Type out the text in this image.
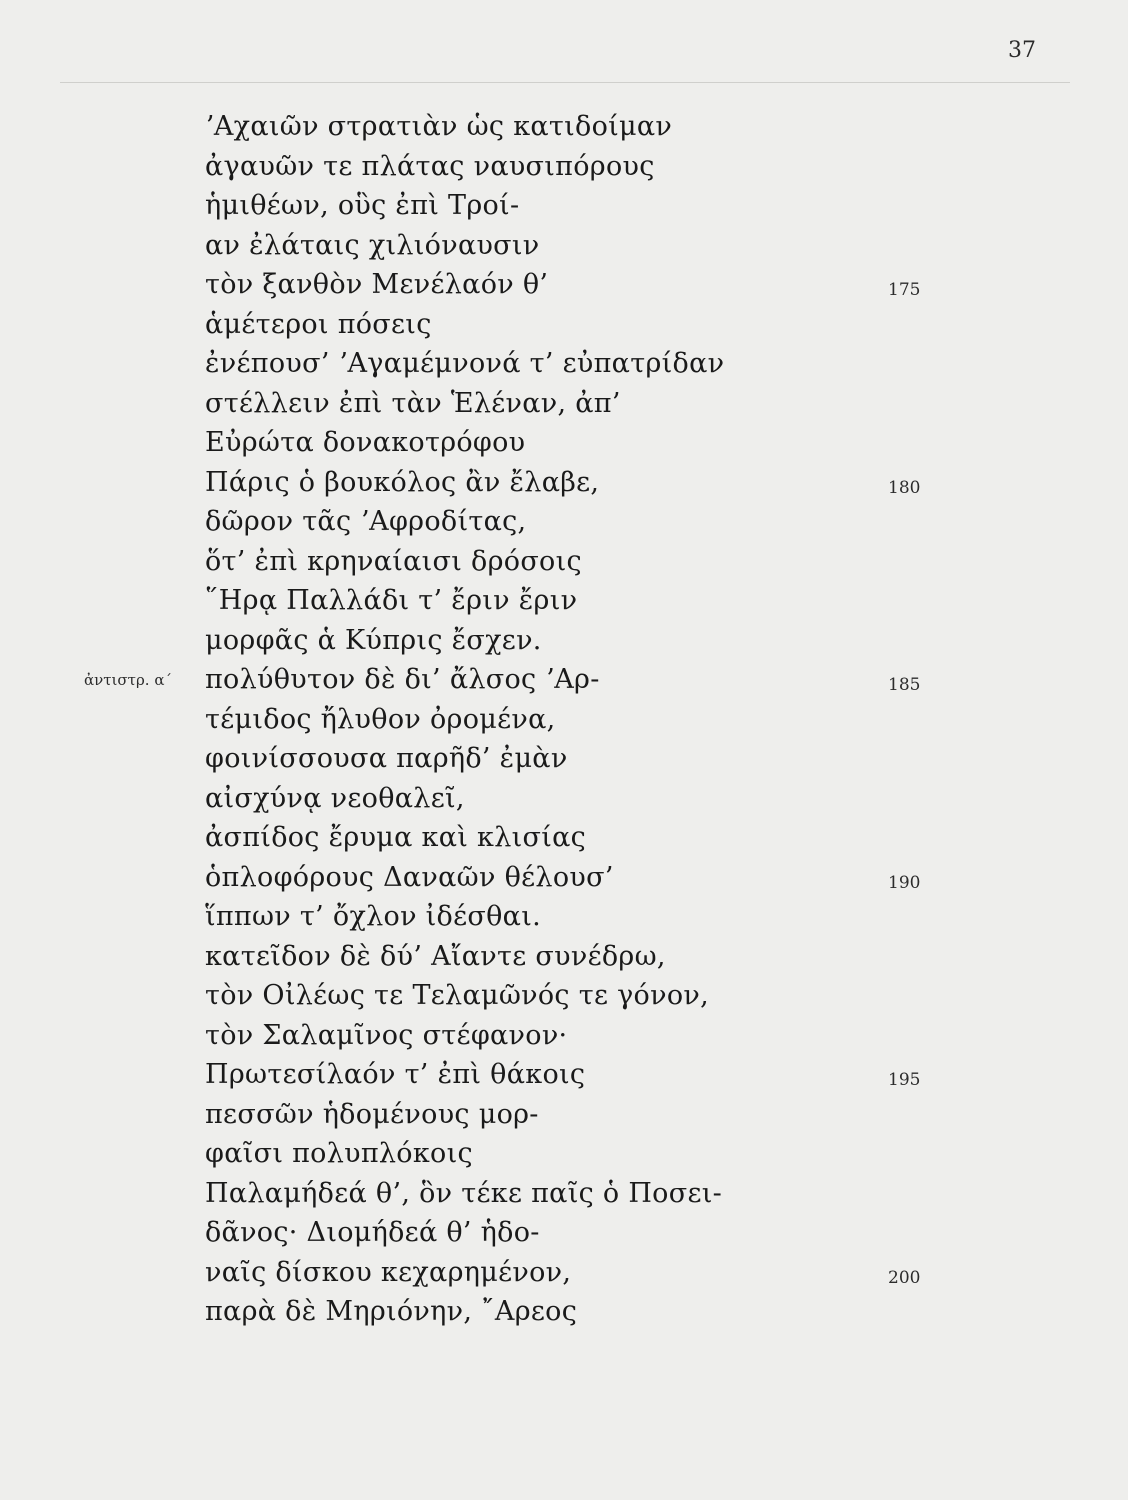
37
ʼΑχαιῶν στρατιὰν ὡς κατιδοίμαν
ἀγαυῶν τε πλάτας ναυσιπόρους
ἡμιθέων, οὓς ἐπὶ Τροί-
αν ἐλάταις χιλιόναυσιν
τὸν ξανθὸν Μενέλαόν θ’	175
ἁμέτεροι πόσεις
ἐνέπουσ’ ʼΑγαμέμνονά τ’ εὐπατρίδαν
στέλλειν ἐπὶ τὰν Ἑλέναν, ἀπ’
Εὐρώτα δονακοτρόφου
Πάρις ὁ βουκόλος ἂν ἔλαβε,	180
δῶρον τᾶς ʼΑφροδίτας,
ὅτ’ ἐπὶ κρηναίαισι δρόσοις
῞Ηρᾳ Παλλάδι τ’ ἔριν ἔριν
μορφᾶς ἁ Κύπρις ἔσχεν.
ἀντιστρ. α´ πολύθυτον δὲ δι’ ἄλσος ʼΑρ-	185
τέμιδος ἤλυθον ὀρομένα,
φοινίσσουσα παρῆδ’ ἐμὰν
αἰσχύνᾳ νεοθαλεῖ,
ἀσπίδος ἔρυμα καὶ κλισίας
ὁπλοφόρους Δαναῶν θέλουσ’	190
ἵππων τ’ ὄχλον ἰδέσθαι.
κατεῖδον δὲ δύ’ Αἴαντε συνέδρω,
τὸν Οἰλέως τε Τελαμῶνός τε γόνον,
τὸν Σαλαμῖνος στέφανον·
Πρωτεσίλαόν τ’ ἐπὶ θάκοις	195
πεσσῶν ἡδομένους μορ-
φαῖσι πολυπλόκοις
Παλαμήδεά θ’, ὃν τέκε παῖς ὁ Ποσει-
δᾶνος· Διομήδεά θ’ ἡδο-
ναῖς δίσκου κεχαρημένον,	200
παρὰ δὲ Μηριόνην, ῎Αρεος
